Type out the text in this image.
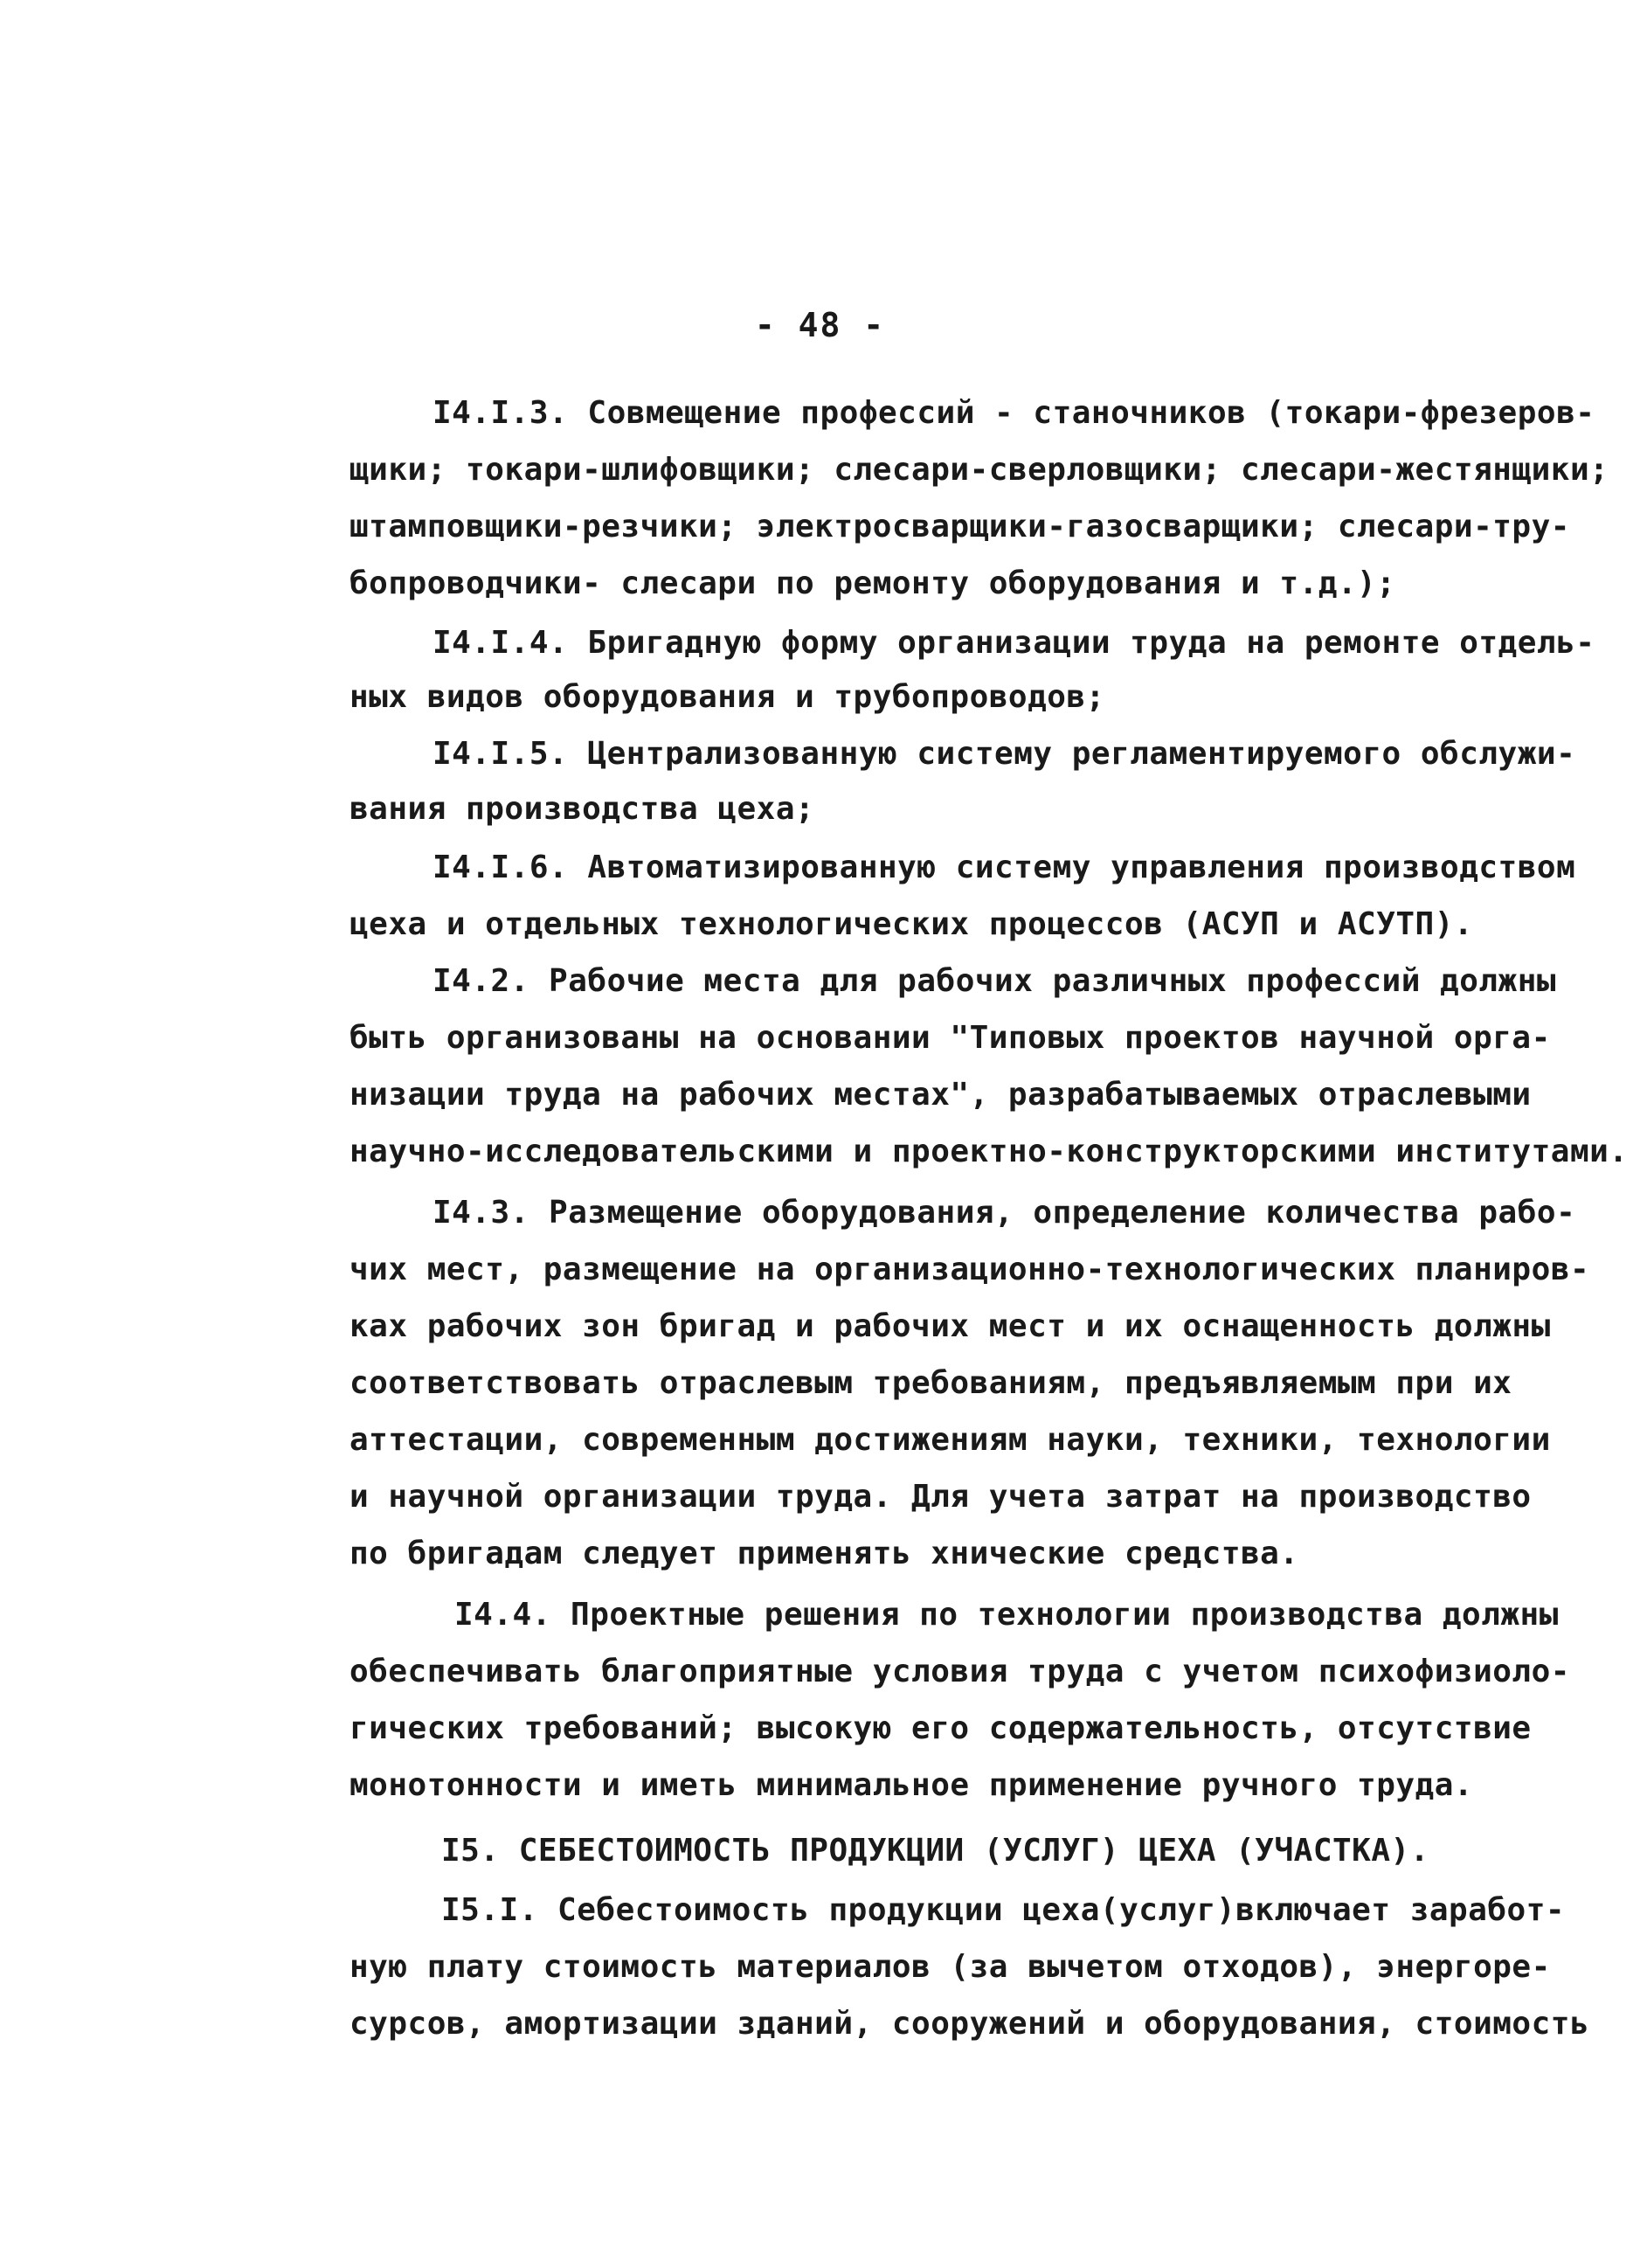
- 48 -
I4.I.3. Совмещение профессий - станочников (токари-фрезеров-
щики; токари-шлифовщики; слесари-сверловщики; слесари-жестянщики;
штамповщики-резчики; электросварщики-газосварщики; слесари-тру-
бопроводчики- слесари по ремонту оборудования и т.д.);
I4.I.4. Бригадную форму организации труда на ремонте отдель-
ных видов оборудования и трубопроводов;
I4.I.5. Централизованную систему регламентируемого обслужи-
вания производства цеха;
I4.I.6. Автоматизированную систему управления производством
цеха и отдельных технологических процессов (АСУП и АСУТП).
I4.2. Рабочие места для рабочих различных профессий должны
быть организованы на основании "Типовых проектов научной орга-
низации труда на рабочих местах", разрабатываемых отраслевыми
научно-исследовательскими и проектно-конструкторскими институтами.
I4.3. Размещение оборудования, определение количества рабо-
чих мест, размещение на организационно-технологических планиров-
ках рабочих зон бригад и рабочих мест и их оснащенность должны
соответствовать отраслевым требованиям, предъявляемым при их
аттестации, современным достижениям науки, техники, технологии
и научной организации труда. Для учета затрат на производство
по бригадам следует применять хнические средства.
I4.4. Проектные решения по технологии производства должны
обеспечивать благоприятные условия труда с учетом психофизиоло-
гических требований; высокую его содержательность, отсутствие
монотонности и иметь минимальное применение ручного труда.
I5. СЕБЕСТОИМОСТЬ ПРОДУКЦИИ (УСЛУГ) ЦЕХА (УЧАСТКА).
I5.I. Себестоимость продукции цеха(услуг)включает заработ-
ную плату стоимость материалов (за вычетом отходов), энергоре-
сурсов, амортизации зданий, сооружений и оборудования, стоимость
